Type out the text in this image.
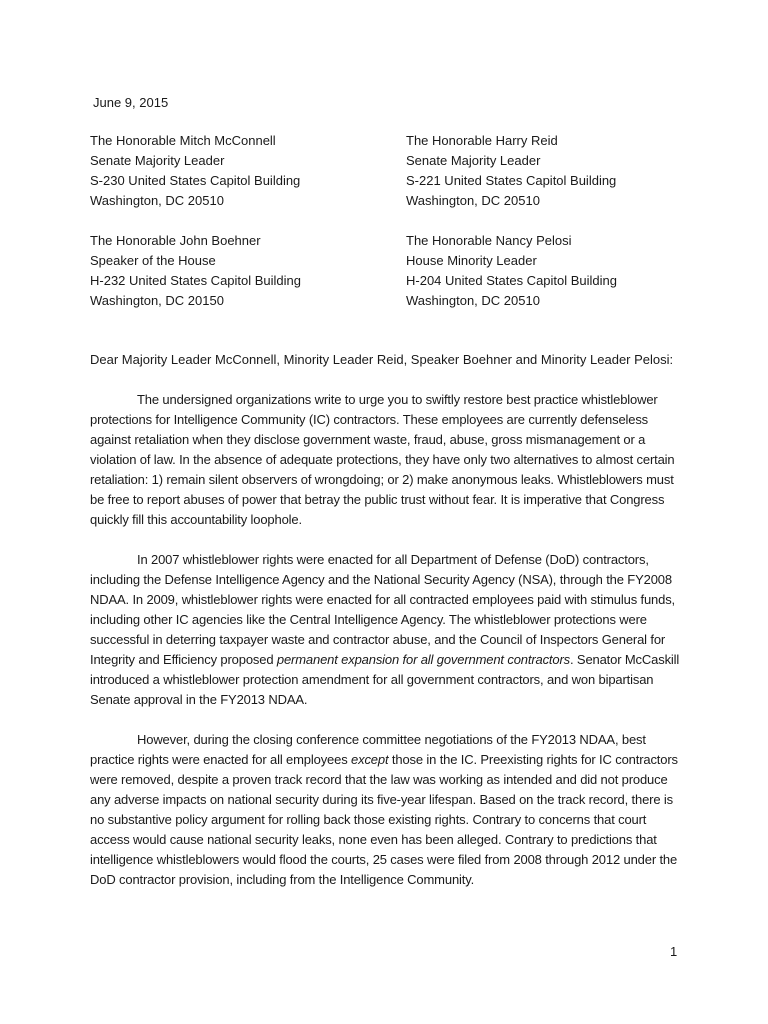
June 9, 2015
The Honorable Mitch McConnell
Senate Majority Leader
S-230 United States Capitol Building
Washington, DC 20510
The Honorable Harry Reid
Senate Majority Leader
S-221 United States Capitol Building
Washington, DC 20510
The Honorable John Boehner
Speaker of the House
H-232 United States Capitol Building
Washington, DC 20150
The Honorable Nancy Pelosi
House Minority Leader
H-204 United States Capitol Building
Washington, DC 20510
Dear Majority Leader McConnell, Minority Leader Reid, Speaker Boehner and Minority Leader Pelosi:

The undersigned organizations write to urge you to swiftly restore best practice whistleblower protections for Intelligence Community (IC) contractors. These employees are currently defenseless against retaliation when they disclose government waste, fraud, abuse, gross mismanagement or a violation of law. In the absence of adequate protections, they have only two alternatives to almost certain retaliation: 1) remain silent observers of wrongdoing; or 2) make anonymous leaks. Whistleblowers must be free to report abuses of power that betray the public trust without fear. It is imperative that Congress quickly fill this accountability loophole.

In 2007 whistleblower rights were enacted for all Department of Defense (DoD) contractors, including the Defense Intelligence Agency and the National Security Agency (NSA), through the FY2008 NDAA. In 2009, whistleblower rights were enacted for all contracted employees paid with stimulus funds, including other IC agencies like the Central Intelligence Agency. The whistleblower protections were successful in deterring taxpayer waste and contractor abuse, and the Council of Inspectors General for Integrity and Efficiency proposed permanent expansion for all government contractors. Senator McCaskill introduced a whistleblower protection amendment for all government contractors, and won bipartisan Senate approval in the FY2013 NDAA.

However, during the closing conference committee negotiations of the FY2013 NDAA, best practice rights were enacted for all employees except those in the IC. Preexisting rights for IC contractors were removed, despite a proven track record that the law was working as intended and did not produce any adverse impacts on national security during its five-year lifespan. Based on the track record, there is no substantive policy argument for rolling back those existing rights. Contrary to concerns that court access would cause national security leaks, none even has been alleged. Contrary to predictions that intelligence whistleblowers would flood the courts, 25 cases were filed from 2008 through 2012 under the DoD contractor provision, including from the Intelligence Community.

1
